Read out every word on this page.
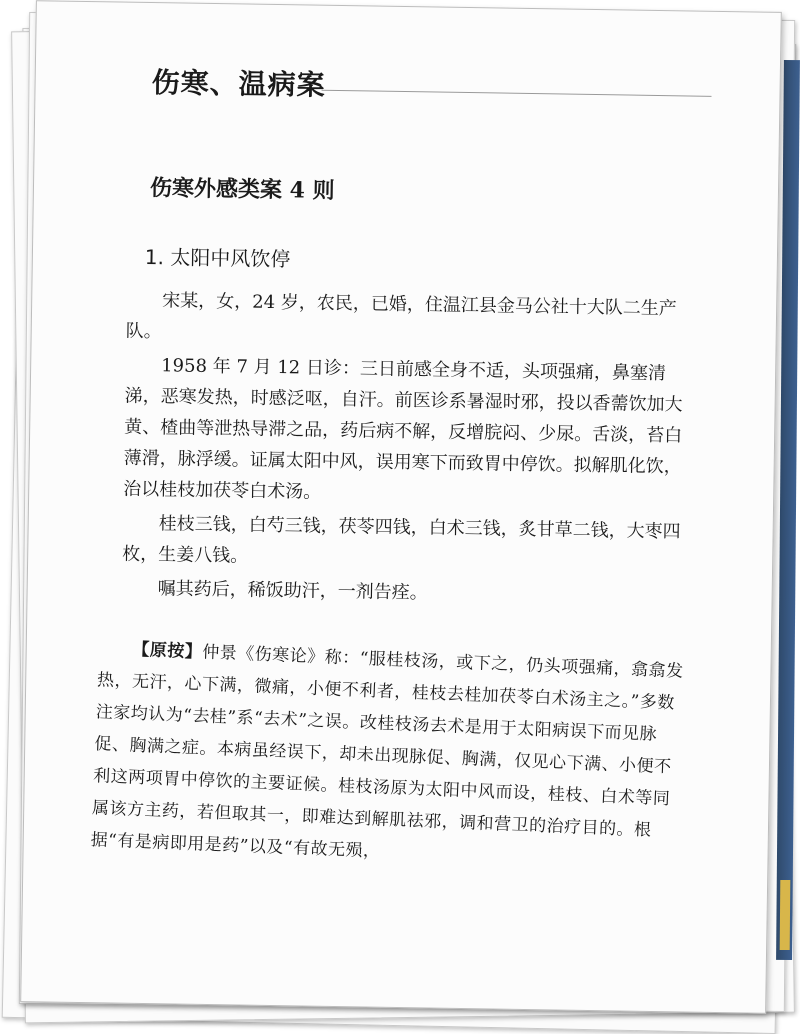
伤寒、温病案
伤寒外感类案 4 则
1. 太阳中风饮停

宋某，女，24 岁，农民，已婚，住温江县金马公社十大队二生产队。

1958 年 7 月 12 日诊：三日前感全身不适，头项强痛，鼻塞清涕，恶寒发热，时感泛呕，自汗。前医诊系暑湿时邪，投以香薷饮加大黄、楂曲等泄热导滞之品，药后病不解，反增脘闷、少尿。舌淡，苔白薄滑，脉浮缓。证属太阳中风，误用寒下而致胃中停饮。拟解肌化饮，治以桂枝加茯苓白术汤。

桂枝三钱，白芍三钱，茯苓四钱，白术三钱，炙甘草二钱，大枣四枚，生姜八钱。

嘱其药后，稀饭助汗，一剂告痊。

【原按】仲景《伤寒论》称：“服桂枝汤，或下之，仍头项强痛，翕翕发热，无汗，心下满，微痛，小便不利者，桂枝去桂加茯苓白术汤主之。”多数注家均认为“去桂”系“去术”之误。改桂枝汤去术是用于太阳病误下而见脉促、胸满之症。本病虽经误下，却未出现脉促、胸满，仅见心下满、小便不利这两项胃中停饮的主要证候。桂枝汤原为太阳中风而设，桂枝、白术等同属该方主药，若但取其一，即难达到解肌祛邪，调和营卫的治疗目的。根据“有是病即用是药”以及“有故无殒，
